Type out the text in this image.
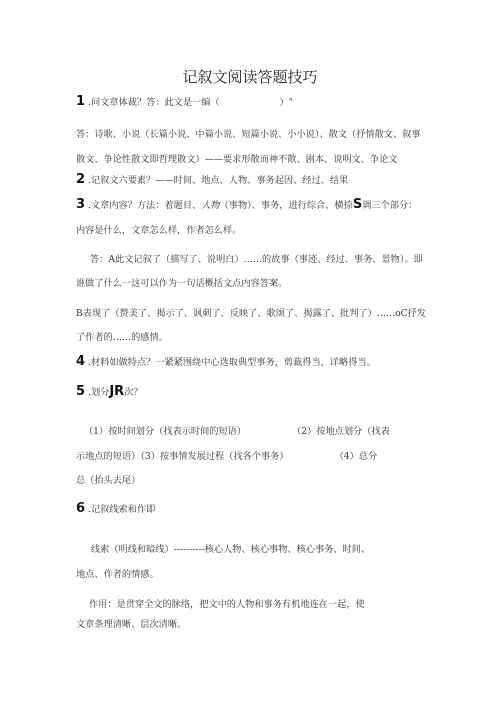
记叙文阅读答题技巧
1 .问文章体裁？答：此文是一编（	）"
答：诗歌、小说（长篇小说、中篇小说、短篇小说、小小说）、散文（抒情散文、叙事
散文、争论性散文即哲理散文）——要求形散而神不散、剧本、说明文、争论文
2 .记叙文六要素？——时间、地点、人物、事务起因、经过、结果
3 .文章内容？方法：着题目、人物（事物）、事务，进行综合、横捺S调三个部分：
内容是什么，文章怎么样，作者怎么样。
答：A此文记叙了（描写了、说明白）……的故事（事迹、经过、事务、景物）。即
谁做了什么一这可以作为一句话概括文点内容答案。
B表现了（赞美了、揭示了、讽刺了、反映了、歌颂了、揭露了、批判了）……oC抒发
了作者的……的感情。
4 .材料如做特点？一紧紧围绕中心选取典型事务，剪裁得当，详略得当。
5 .划分JR次？
（1）按时间划分（找表示时间的短语）	（2）按地点划分（找表
示地点的短语）（3）按事情发展过程（找各个事务）	（4）总分
总（抬头去尾）
6 .记叙线索和作即
线索（明线和暗线）----------核心人物、核心事物、核心事务、时间、
地点、作者的情感。
作用：是贯穿全文的脉络，把文中的人物和事务有机地连在一起，使
文章条理清晰、层次清晰。
